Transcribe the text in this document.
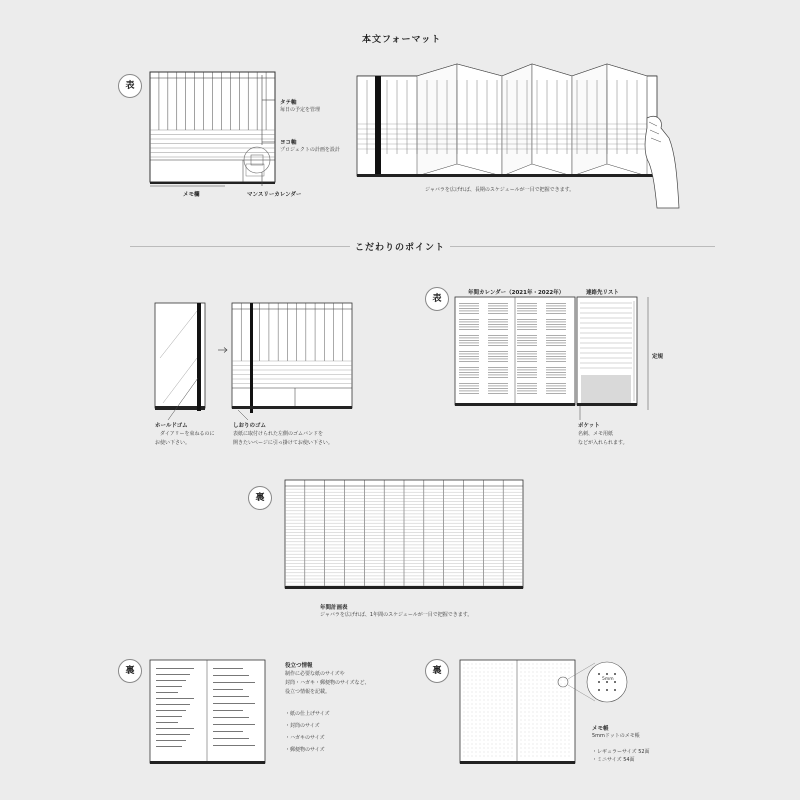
本文フォーマット
表
タテ軸
毎日の予定を管理
ヨコ軸
プロジェクトの計画を設計
メモ欄	マンスリーカレンダー
ジャバラを広げれば、長期のスケジュールが一目で把握できます。
こだわりのポイント
ホールドゴム
ダイアリーを束ねるのに
お使い下さい。
しおりのゴム
表紙に取付けられた左側のゴムバンドを
開きたいページに引っ掛けてお使い下さい。
表
年間カレンダー（2021年・2022年）	連絡先リスト
定規
ポケット
名刺、メモ用紙
などが入れられます。
裏
年間計画表
ジャバラを広げれば、1年間のスケジュールが一目で把握できます。
裏	役立つ情報
制作に必要な紙のサイズや
封筒・ハガキ・郵便物のサイズなど、
役立つ情報を記載。
・紙の仕上げサイズ
・封筒のサイズ
・ハガキのサイズ
・郵便物のサイズ
裏
5mm
メモ帳
5mmドットのメモ帳
・レギュラーサイズ 52面
・ミニサイズ 54面
